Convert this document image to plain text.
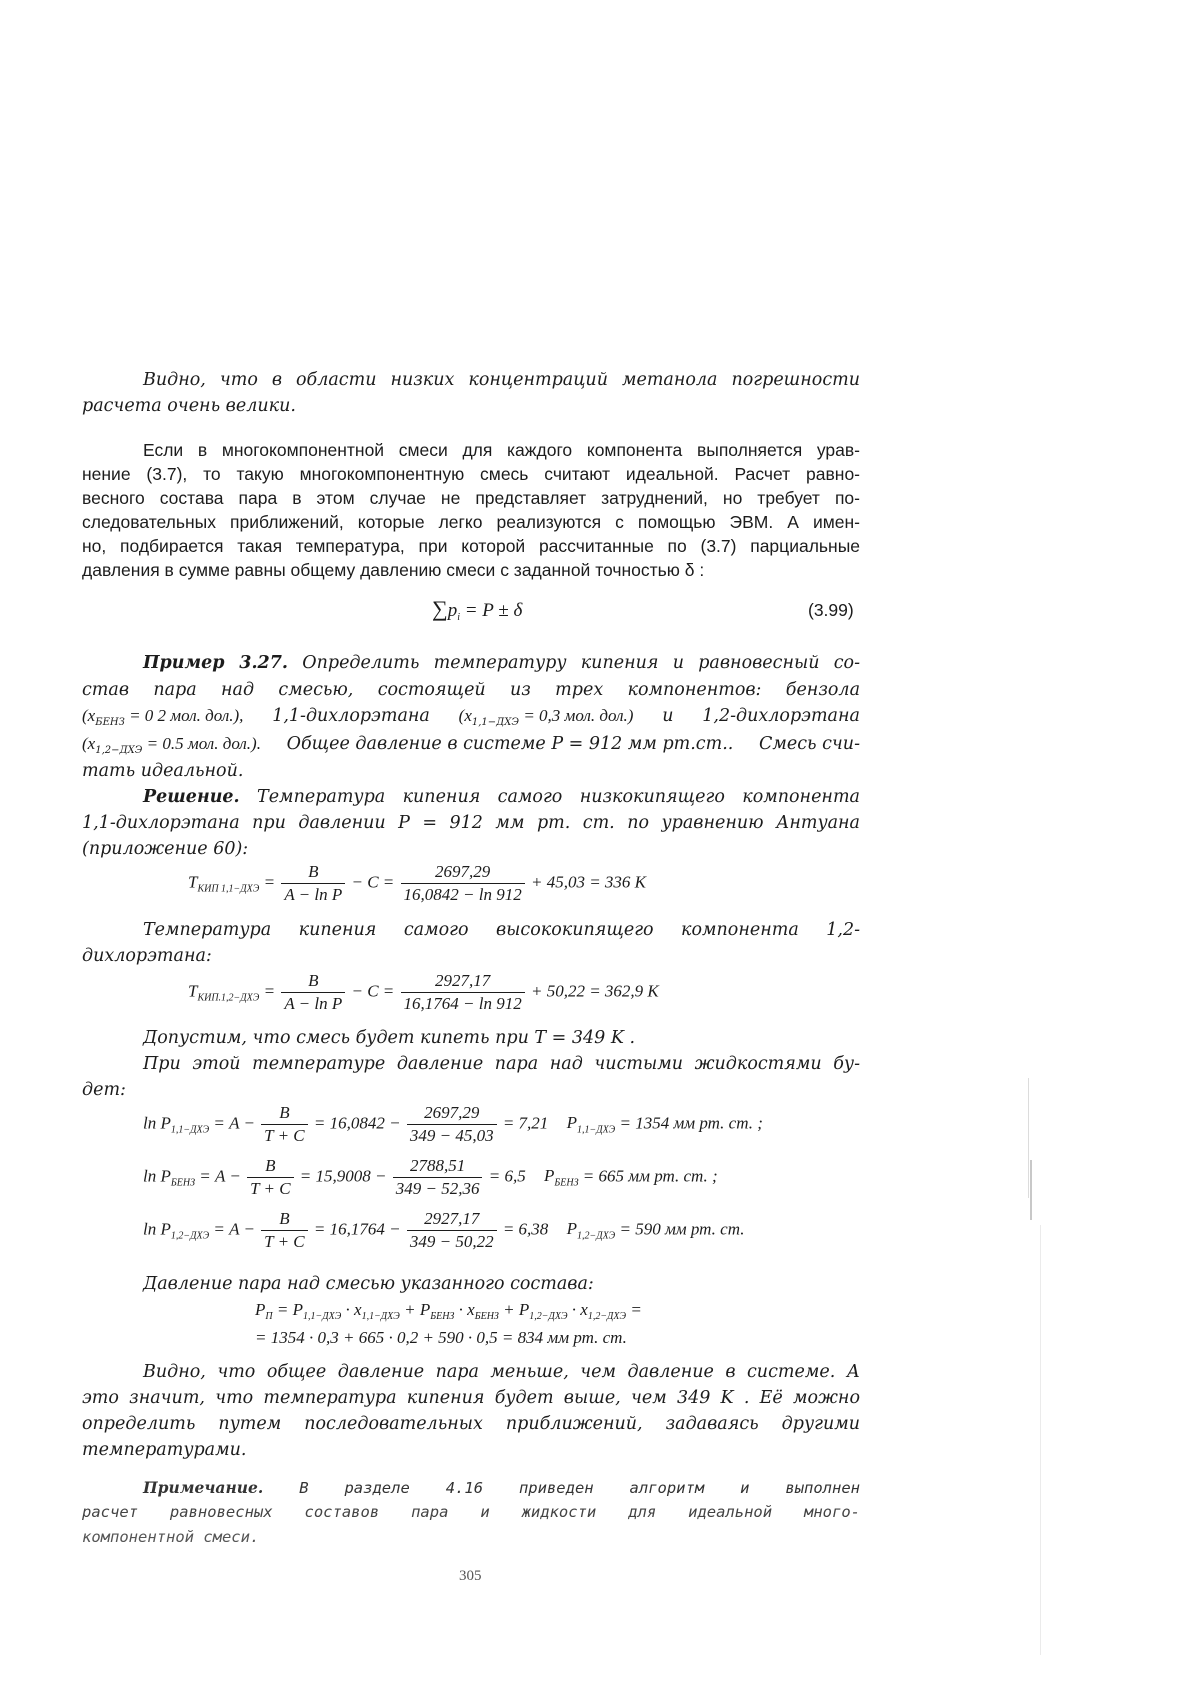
Видно, что в области низких концентраций метанола погрешности
расчета очень велики.
Если в многокомпонентной смеси для каждого компонента выполняется урав-
нение (3.7), то такую многокомпонентную смесь считают идеальной. Расчет равно-
весного состава пара в этом случае не представляет затруднений, но требует по-
следовательных приближений, которые легко реализуются с помощью ЭВМ. А имен-
но, подбирается такая температура, при которой рассчитанные по (3.7) парциальные
давления в сумме равны общему давлению смеси с заданной точностью δ :
$\sum p_i = P \pm \delta$	(3.99)
Пример 3.27. Определить температуру кипения и равновесный со-
став пара над смесью, состоящей из трех компонентов: бензола
($x_{БЕНЗ} = 0$ 2 мол. дол.), 1,1-дихлорэтана ($x_{1,1-ДХЭ} = 0,3$ мол. дол.) и 1,2-дихлорэтана
($x_{1,2-ДХЭ} = 0.5$ мол. дол.). Общее давление в системе P = 912 мм рт.ст.. Смесь счи-
тать идеальной.
Решение. Температура кипения самого низкокипящего компонента
1,1-дихлорэтана при давлении P = 912 мм рт. ст. по уравнению Антуана
(приложение 60):
$T_{КИП 1,1-ДХЭ} = \frac{B}{\text{A − ln P}} - C = \frac{2697,29}{16,0842 - \ln 912} + 45,03 = 336$ K
Температура кипения самого высококипящего компонента 1,2-
дихлорэтана:
$T_{КИП.1,2-ДХЭ} = \frac{B}{\text{A − ln P}} - C = \frac{2927,17}{16,1764 - \ln 912} + 50,22 = 362,9$ K
Допустим, что смесь будет кипеть при T = 349 K .
При этой температуре давление пара над чистыми жидкостями бу-
дет:
$\ln P_{1,1-ДХЭ} = A - \frac{B}{T + C} = 16,0842 - \frac{2697,29}{349 - 45,03} = 7,21$ $P_{1,1-ДХЭ} = 1354$ мм рт. ст. ;
$\ln P_{БЕНЗ} = A - \frac{B}{T + C} = 15,9008 - \frac{2788,51}{349 - 52,36} = 6,5$ $P_{БЕНЗ} = 665$ мм рт. ст. ;
$\ln P_{1,2-ДХЭ} = A - \frac{B}{T + C} = 16,1764 - \frac{2927,17}{349 - 50,22} = 6,38$ $P_{1,2-ДХЭ} = 590$ мм рт. ст.
Давление пара над смесью указанного состава:
$P_П = P_{1,1-ДХЭ} \cdot x_{1,1-ДХЭ} + P_{БЕНЗ} \cdot x_{БЕНЗ} + P_{1,2-ДХЭ} \cdot x_{1,2-ДХЭ}$ =
= 1354 · 0,3 + 665 · 0,2 + 590 · 0,5 = 834 мм рт. ст.
Видно, что общее давление пара меньше, чем давление в системе. А
это значит, что температура кипения будет выше, чем 349 K . Её можно
определить путем последовательных приближений, задаваясь другими
температурами.
Примечание. В разделе 4.16 приведен алгоритм и выполнен
расчет равновесных составов пара и жидкости для идеальной много-
компонентной смеси.
305
